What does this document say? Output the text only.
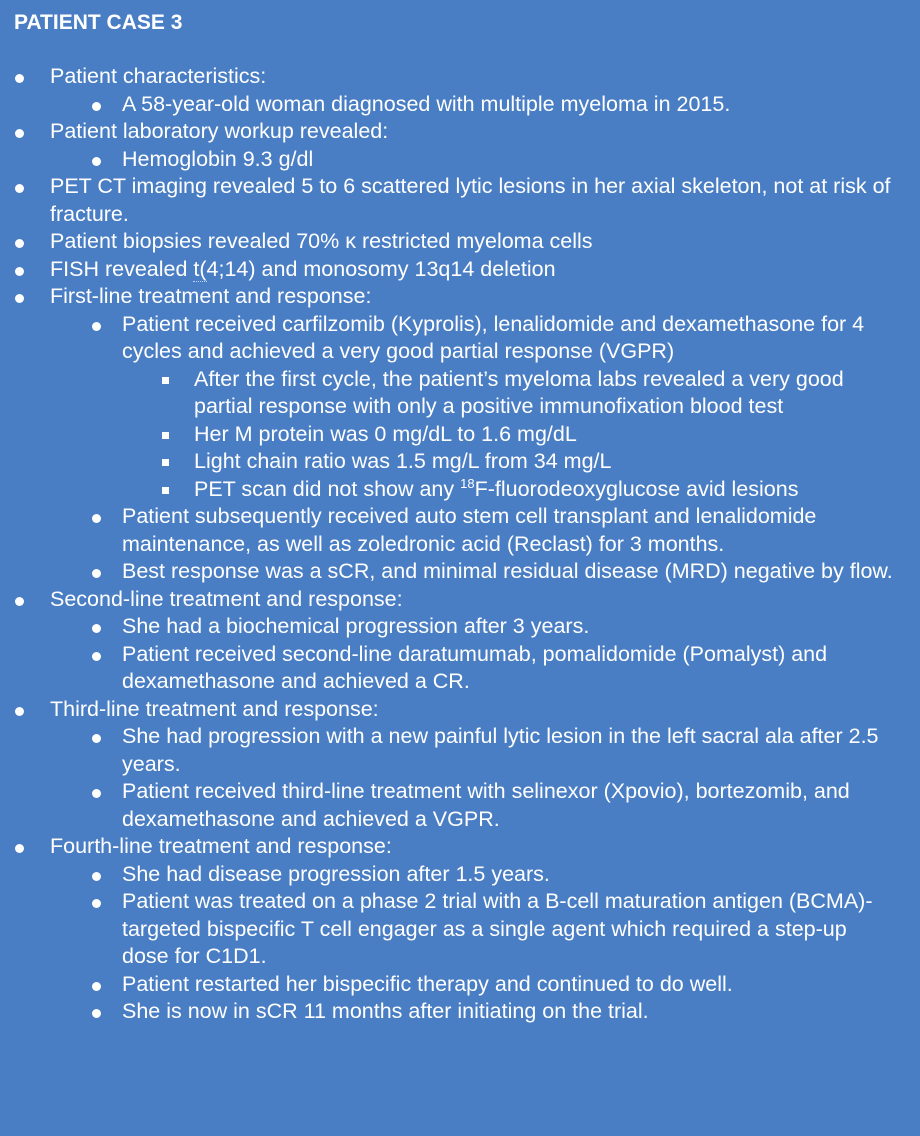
PATIENT CASE 3
Patient characteristics:
A 58-year-old woman diagnosed with multiple myeloma in 2015.
Patient laboratory workup revealed:
Hemoglobin 9.3 g/dl
PET CT imaging revealed 5 to 6 scattered lytic lesions in her axial skeleton, not at risk of fracture.
Patient biopsies revealed 70% κ restricted myeloma cells
FISH revealed t(4;14) and monosomy 13q14 deletion
First-line treatment and response:
Patient received carfilzomib (Kyprolis), lenalidomide and dexamethasone for 4 cycles and achieved a very good partial response (VGPR)
After the first cycle, the patient’s myeloma labs revealed a very good partial response with only a positive immunofixation blood test
Her M protein was 0 mg/dL to 1.6 mg/dL
Light chain ratio was 1.5 mg/L from 34 mg/L
PET scan did not show any $^{18}$F-fluorodeoxyglucose avid lesions
Patient subsequently received auto stem cell transplant and lenalidomide maintenance, as well as zoledronic acid (Reclast) for 3 months.
Best response was a sCR, and minimal residual disease (MRD) negative by flow.
Second-line treatment and response:
She had a biochemical progression after 3 years.
Patient received second-line daratumumab, pomalidomide (Pomalyst) and dexamethasone and achieved a CR.
Third-line treatment and response:
She had progression with a new painful lytic lesion in the left sacral ala after 2.5 years.
Patient received third-line treatment with selinexor (Xpovio), bortezomib, and dexamethasone and achieved a VGPR.
Fourth-line treatment and response:
She had disease progression after 1.5 years.
Patient was treated on a phase 2 trial with a B-cell maturation antigen (BCMA)-targeted bispecific T cell engager as a single agent which required a step-up dose for C1D1.
Patient restarted her bispecific therapy and continued to do well.
She is now in sCR 11 months after initiating on the trial.
